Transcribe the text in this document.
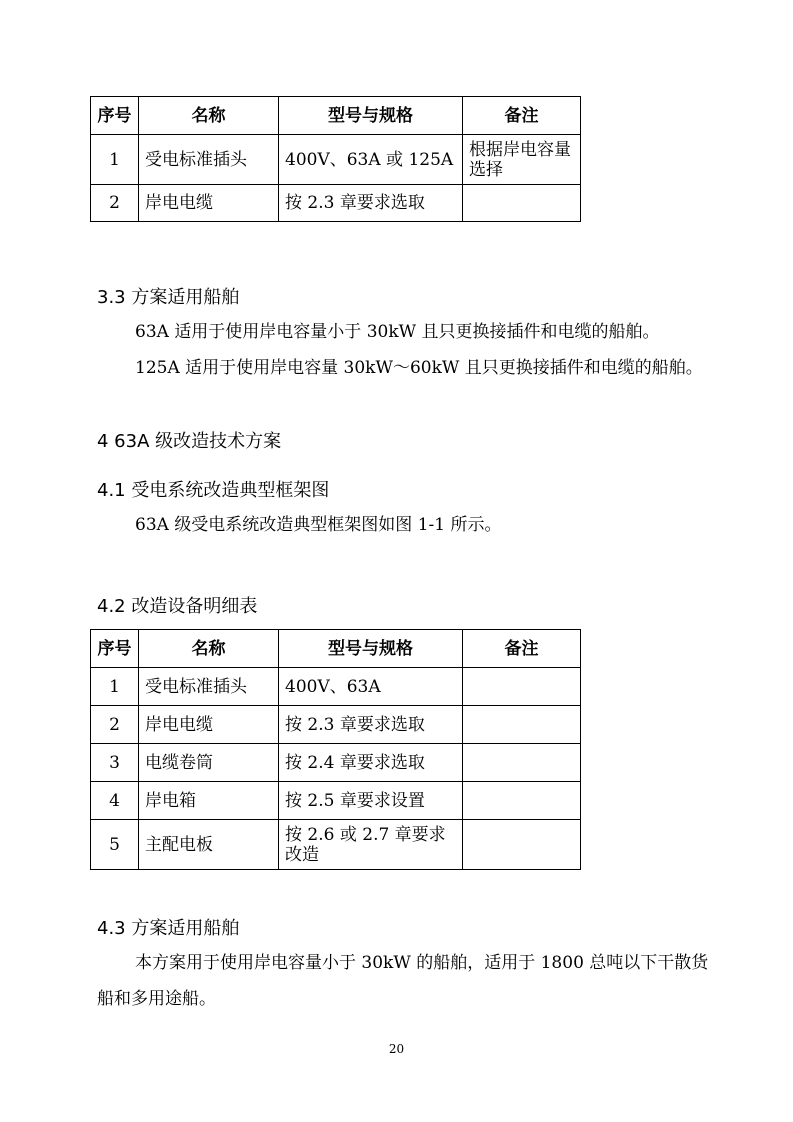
序号	名称	型号与规格	备注
1	受电标准插头	400V、63A 或 125A	根据岸电容量选择
2	岸电电缆	按 2.3 章要求选取	
3.3 方案适用船舶
63A 适用于使用岸电容量小于 30kW 且只更换接插件和电缆的船舶。
125A 适用于使用岸电容量 30kW～60kW 且只更换接插件和电缆的船舶。
4 63A 级改造技术方案
4.1 受电系统改造典型框架图
63A 级受电系统改造典型框架图如图 1-1 所示。
4.2 改造设备明细表
序号	名称	型号与规格	备注
1	受电标准插头	400V、63A	
2	岸电电缆	按 2.3 章要求选取	
3	电缆卷筒	按 2.4 章要求选取	
4	岸电箱	按 2.5 章要求设置	
5	主配电板	按 2.6 或 2.7 章要求改造	
4.3 方案适用船舶
本方案用于使用岸电容量小于 30kW 的船舶，适用于 1800 总吨以下干散货船和多用途船。
20
